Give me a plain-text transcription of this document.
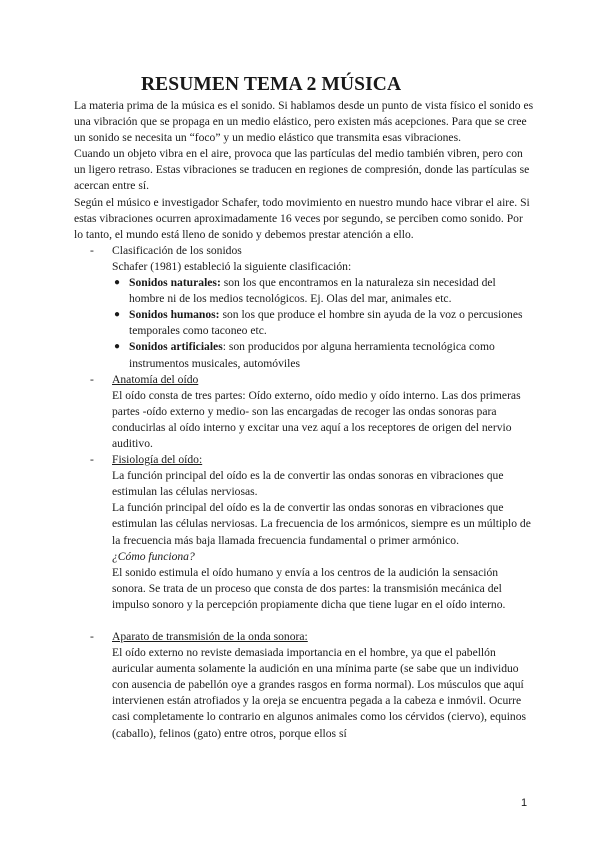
RESUMEN TEMA 2 MÚSICA

La materia prima de la música es el sonido. Si hablamos desde un punto de vista físico el sonido es una vibración que se propaga en un medio elástico, pero existen más acepciones. Para que se cree un sonido se necesita un “foco” y un medio elástico que transmita esas vibraciones.

Cuando un objeto vibra en el aire, provoca que las partículas del medio también vibren, pero con un ligero retraso. Estas vibraciones se traducen en regiones de compresión, donde las partículas se acercan entre sí.

Según el músico e investigador Schafer, todo movimiento en nuestro mundo hace vibrar el aire. Si estas vibraciones ocurren aproximadamente 16 veces por segundo, se perciben como sonido. Por lo tanto, el mundo está lleno de sonido y debemos prestar atención a ello.

- Clasificación de los sonidos

Schafer (1981) estableció la siguiente clasificación:

● Sonidos naturales: son los que encontramos en la naturaleza sin necesidad del hombre ni de los medios tecnológicos. Ej. Olas del mar, animales etc.
● Sonidos humanos: son los que produce el hombre sin ayuda de la voz o percusiones temporales como taconeo etc.
● Sonidos artificiales: son producidos por alguna herramienta tecnológica como instrumentos musicales, automóviles
- Anatomía del oído

El oído consta de tres partes: Oído externo, oído medio y oído interno. Las dos primeras partes -oído externo y medio- son las encargadas de recoger las ondas sonoras para conducirlas al oído interno y excitar una vez aquí a los receptores de origen del nervio auditivo.

- Fisiología del oído:

La función principal del oído es la de convertir las ondas sonoras en vibraciones que estimulan las células nerviosas.

La función principal del oído es la de convertir las ondas sonoras en vibraciones que estimulan las células nerviosas. La frecuencia de los armónicos, siempre es un múltiplo de la frecuencia más baja llamada frecuencia fundamental o primer armónico.

¿Cómo funciona?

El sonido estimula el oído humano y envía a los centros de la audición la sensación sonora. Se trata de un proceso que consta de dos partes: la transmisión mecánica del impulso sonoro y la percepción propiamente dicha que tiene lugar en el oído interno.

- Aparato de transmisión de la onda sonora:

El oído externo no reviste demasiada importancia en el hombre, ya que el pabellón auricular aumenta solamente la audición en una mínima parte (se sabe que un individuo con ausencia de pabellón oye a grandes rasgos en forma normal). Los músculos que aquí intervienen están atrofiados y la oreja se encuentra pegada a la cabeza e inmóvil. Ocurre casi completamente lo contrario en algunos animales como los cérvidos (ciervo), equinos (caballo), felinos (gato) entre otros, porque ellos sí

1
